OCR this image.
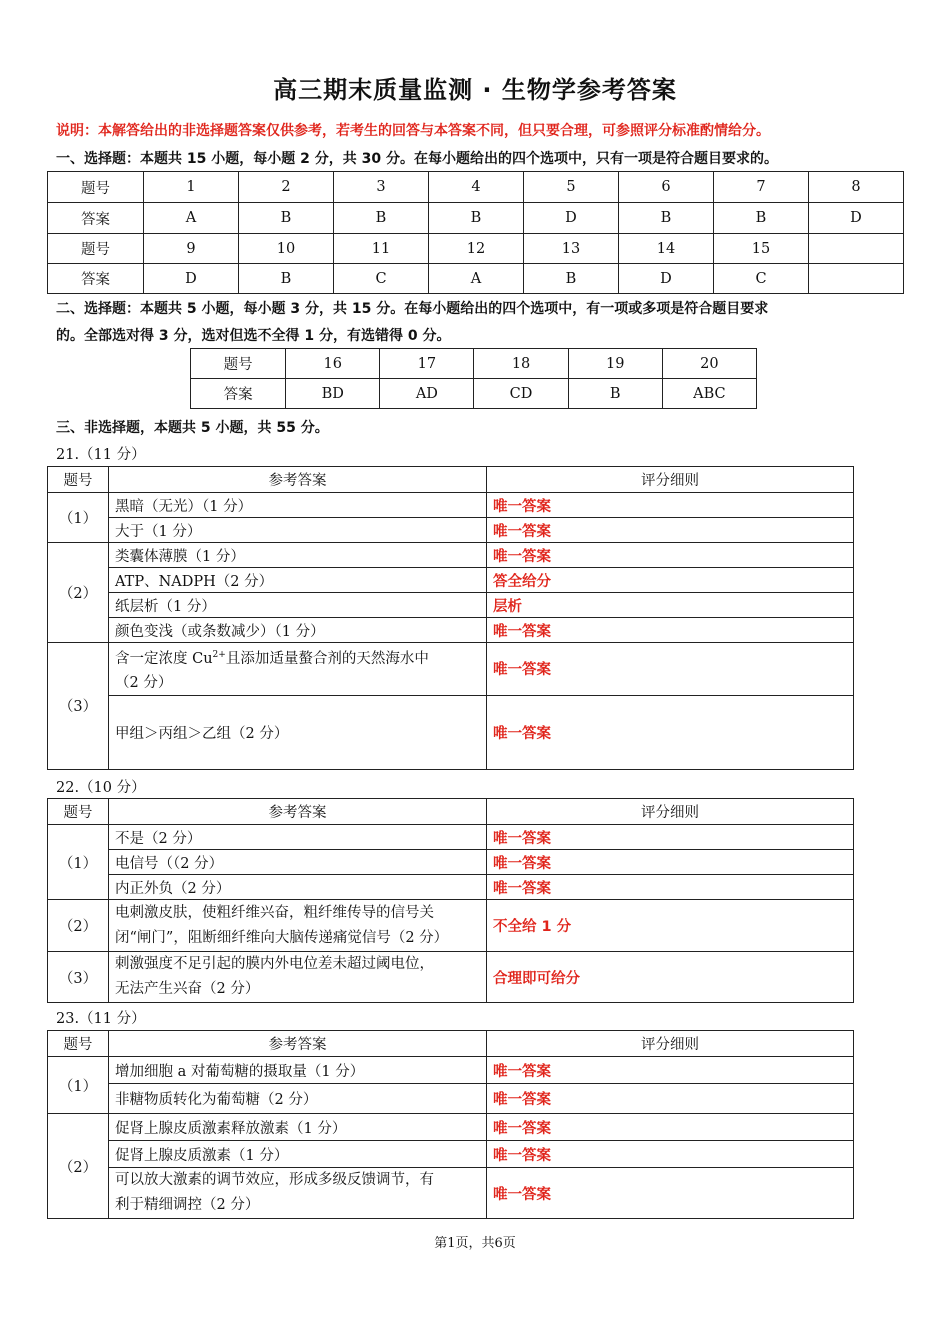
高三期末质量监测 · 生物学参考答案
说明：本解答给出的非选择题答案仅供参考，若考生的回答与本答案不同，但只要合理，可参照评分标准酌情给分。
一、选择题：本题共 15 小题，每小题 2 分，共 30 分。在每小题给出的四个选项中，只有一项是符合题目要求的。
题号	1	2	3	4	5	6	7	8
答案	A	B	B	B	D	B	B	D
题号	9	10	11	12	13	14	15	
答案	D	B	C	A	B	D	C	
二、选择题：本题共 5 小题，每小题 3 分，共 15 分。在每小题给出的四个选项中，有一项或多项是符合题目要求
的。全部选对得 3 分，选对但选不全得 1 分，有选错得 0 分。
题号	16	17	18	19	20
答案	BD	AD	CD	B	ABC
三、非选择题，本题共 5 小题，共 55 分。
21.（11 分）
题号	参考答案	评分细则
（1）	黑暗（无光）（1 分）	唯一答案
	大于（1 分）	唯一答案
（2）	类囊体薄膜（1 分）	唯一答案
	ATP、NADPH（2 分）	答全给分
	纸层析（1 分）	层析
	颜色变浅（或条数减少）（1 分）	唯一答案
（3）	含一定浓度 $Cu^{2+}$且添加适量螯合剂的天然海水中
（2 分）	唯一答案
	甲组＞丙组＞乙组（2 分）	唯一答案
22.（10 分）
题号	参考答案	评分细则
（1）	不是（2 分）	唯一答案
	电信号（（2 分）	唯一答案
	内正外负（2 分）	唯一答案
（2）	电刺激皮肤，使粗纤维兴奋，粗纤维传导的信号关
闭“闸门”，阻断细纤维向大脑传递痛觉信号（2 分）	不全给 1 分
（3）	刺激强度不足引起的膜内外电位差未超过阈电位，
无法产生兴奋（2 分）	合理即可给分
23.（11 分）
题号	参考答案	评分细则
（1）	增加细胞 a 对葡萄糖的摄取量（1 分）	唯一答案
	非糖物质转化为葡萄糖（2 分）	唯一答案
（2）	促肾上腺皮质激素释放激素（1 分）	唯一答案
	促肾上腺皮质激素（1 分）	唯一答案
	可以放大激素的调节效应，形成多级反馈调节，有
利于精细调控（2 分）	唯一答案
第1页，共6页
